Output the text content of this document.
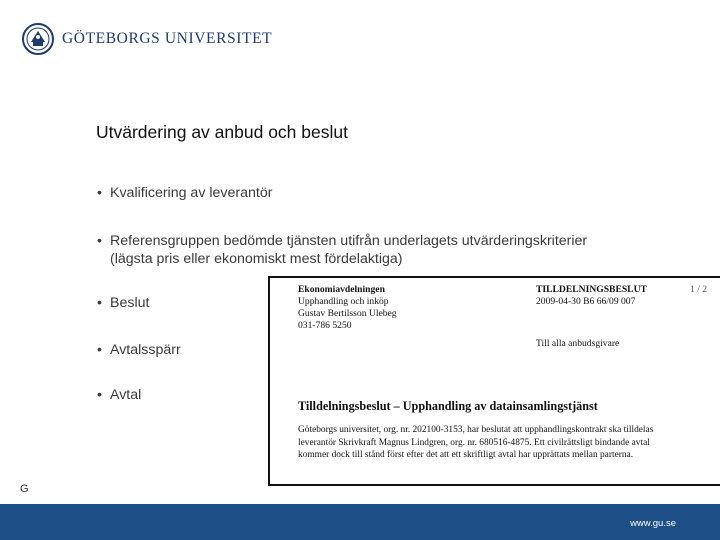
GÖTEBORGS UNIVERSITET
Utvärdering av anbud och beslut
• Kvalificering av leverantör
• Referensgruppen bedömde tjänsten utifrån underlagets utvärderingskriterier (lägsta pris eller ekonomiskt mest fördelaktiga)
• Beslut
• Avtalsspärr
• Avtal
Ekonomiavdelningen
Upphandling och inköp
Gustav Bertilsson Ulebeg
031-786 5250
TILLDELNINGSBESLUT
2009-04-30 B6 66/09 007
1 / 2
Till alla anbudsgivare
Tilldelningsbeslut – Upphandling av datainsamlingstjänst
Göteborgs universitet, org. nr. 202100-3153, har beslutat att upphandlingskontrakt ska tilldelas leverantör Skrivkraft Magnus Lindgren, org. nr. 680516-4875. Ett civilrättsligt bindande avtal kommer dock till stånd först efter det att ett skriftligt avtal har upprättats mellan parterna.
G
www.gu.se
